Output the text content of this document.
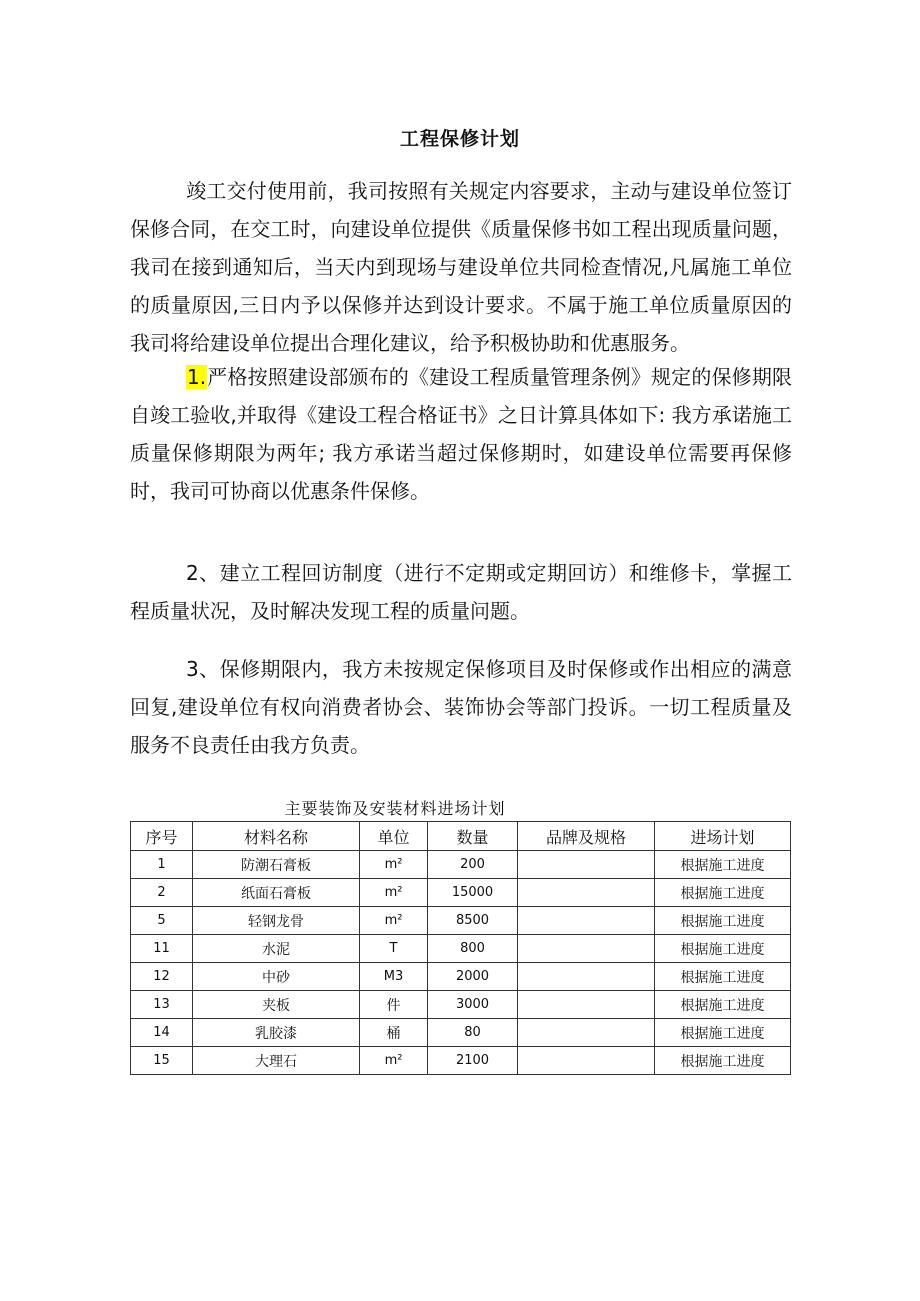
工程保修计划

竣工交付使用前，我司按照有关规定内容要求，主动与建设单位签订保修合同，在交工时，向建设单位提供《质量保修书如工程出现质量问题，我司在接到通知后，当天内到现场与建设单位共同检查情况,凡属施工单位的质量原因,三日内予以保修并达到设计要求。不属于施工单位质量原因的我司将给建设单位提出合理化建议，给予积极协助和优惠服务。

1.严格按照建设部颁布的《建设工程质量管理条例》规定的保修期限自竣工验收,并取得《建设工程合格证书》之日计算具体如下: 我方承诺施工质量保修期限为两年; 我方承诺当超过保修期时，如建设单位需要再保修时，我司可协商以优惠条件保修。

2、建立工程回访制度（进行不定期或定期回访）和维修卡，掌握工程质量状况，及时解决发现工程的质量问题。

3、保修期限内，我方未按规定保修项目及时保修或作出相应的满意回复,建设单位有权向消费者协会、装饰协会等部门投诉。一切工程质量及服务不良责任由我方负责。

主要装饰及安装材料进场计划
序号	材料名称	单位	数量	品牌及规格	进场计划
1	防潮石膏板	m²	200		根据施工进度
2	纸面石膏板	m²	15000		根据施工进度
5	轻钢龙骨	m²	8500		根据施工进度
11	水泥	T	800		根据施工进度
12	中砂	M3	2000		根据施工进度
13	夹板	件	3000		根据施工进度
14	乳胶漆	桶	80		根据施工进度
15	大理石	m²	2100		根据施工进度
